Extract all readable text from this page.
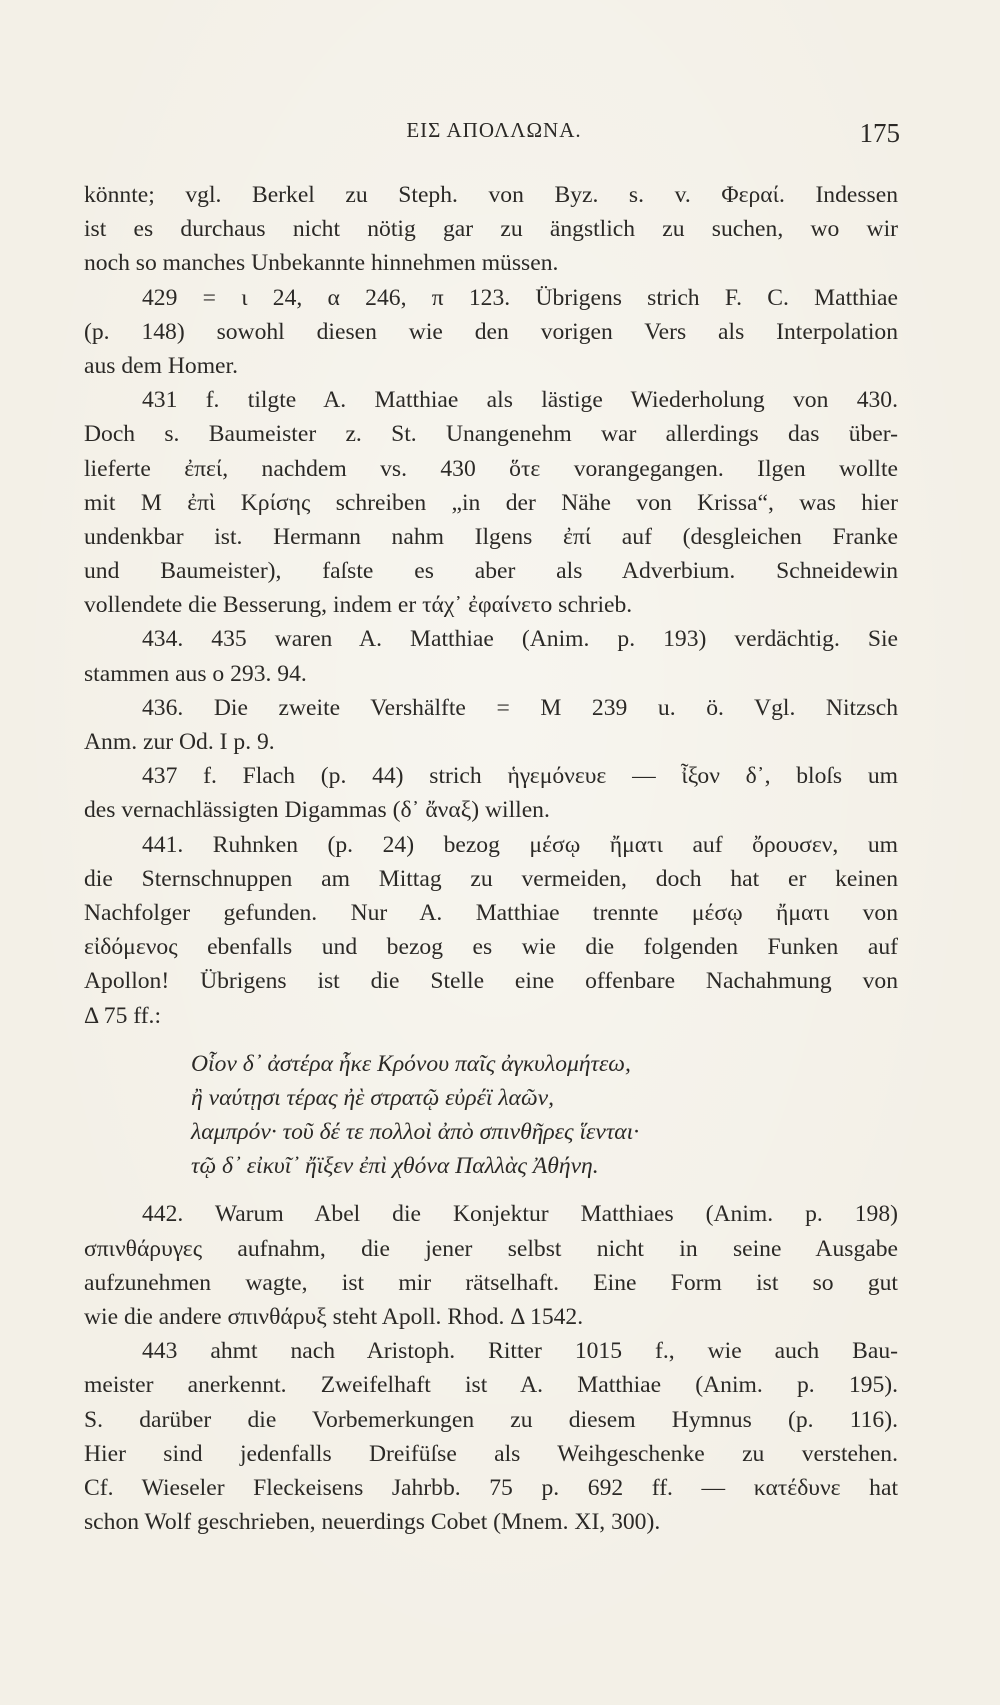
ΕΙΣ ΑΠΟΛΛΩΝΑ.	175
könnte; vgl. Berkel zu Steph. von Byz. s. v. Φεραί. Indessen
ist es durchaus nicht nötig gar zu ängstlich zu suchen, wo wir
noch so manches Unbekannte hinnehmen müssen.
429 = ι 24, α 246, π 123. Übrigens strich F. C. Matthiae
(p. 148) sowohl diesen wie den vorigen Vers als Interpolation
aus dem Homer.
431 f. tilgte A. Matthiae als lästige Wiederholung von 430.
Doch s. Baumeister z. St. Unangenehm war allerdings das über-
lieferte ἐπεί, nachdem vs. 430 ὅτε vorangegangen. Ilgen wollte
mit M ἐπὶ Κρίσης schreiben „in der Nähe von Krissa“, was hier
undenkbar ist. Hermann nahm Ilgens ἐπί auf (desgleichen Franke
und Baumeister), faſste es aber als Adverbium. Schneidewin
vollendete die Besserung, indem er τάχ᾽ ἐφαίνετο schrieb.
434. 435 waren A. Matthiae (Anim. p. 193) verdächtig. Sie
stammen aus ο 293. 94.
436. Die zweite Vershälfte = M 239 u. ö. Vgl. Nitzsch
Anm. zur Od. I p. 9.
437 f. Flach (p. 44) strich ἡγεμόνευε — ἶξον δ᾽, bloſs um
des vernachlässigten Digammas (δ᾽ ἄναξ) willen.
441. Ruhnken (p. 24) bezog μέσῳ ἤματι auf ὄρουσεν, um
die Sternschnuppen am Mittag zu vermeiden, doch hat er keinen
Nachfolger gefunden. Nur A. Matthiae trennte μέσῳ ἤματι von
εἰδόμενος ebenfalls und bezog es wie die folgenden Funken auf
Apollon! Übrigens ist die Stelle eine offenbare Nachahmung von
Δ 75 ff.:
Οἷον δ᾽ ἀστέρα ἧκε Κρόνου παῖς ἀγκυλομήτεω,
ἢ ναύτῃσι τέρας ἠὲ στρατῷ εὐρέϊ λαῶν,
λαμπρόν· τοῦ δέ τε πολλοὶ ἀπὸ σπινθῆρες ἵενται·
τῷ δ᾽ εἰκυῖ᾽ ἤϊξεν ἐπὶ χθόνα Παλλὰς Ἀθήνη.
442. Warum Abel die Konjektur Matthiaes (Anim. p. 198)
σπινθάρυγες aufnahm, die jener selbst nicht in seine Ausgabe
aufzunehmen wagte, ist mir rätselhaft. Eine Form ist so gut
wie die andere σπινθάρυξ steht Apoll. Rhod. Δ 1542.
443 ahmt nach Aristoph. Ritter 1015 f., wie auch Bau-
meister anerkennt. Zweifelhaft ist A. Matthiae (Anim. p. 195).
S. darüber die Vorbemerkungen zu diesem Hymnus (p. 116).
Hier sind jedenfalls Dreifüſse als Weihgeschenke zu verstehen.
Cf. Wieseler Fleckeisens Jahrbb. 75 p. 692 ff. — κατέδυνε hat
schon Wolf geschrieben, neuerdings Cobet (Mnem. XI, 300).
